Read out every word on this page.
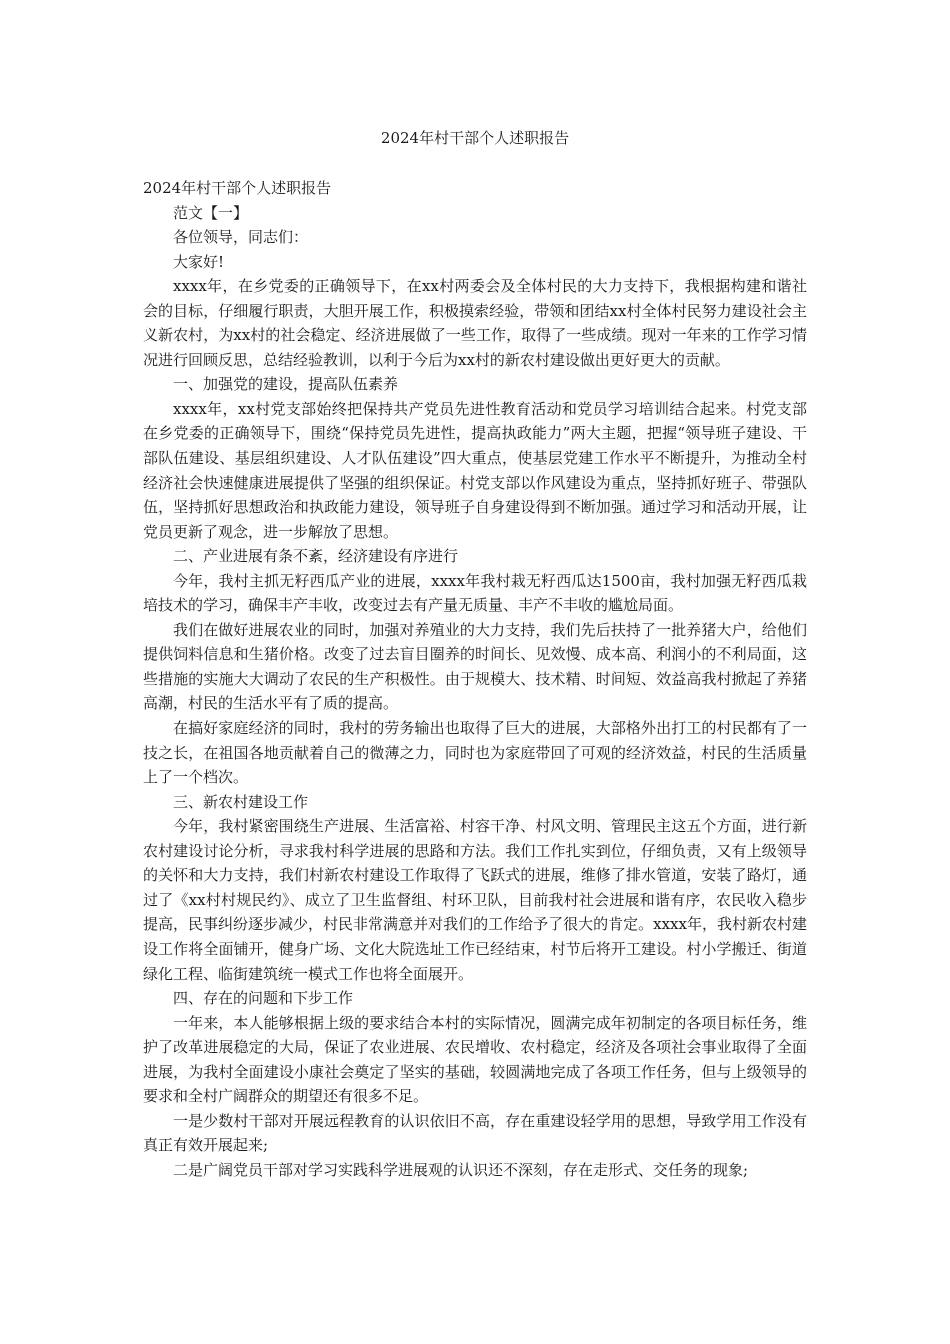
2024年村干部个人述职报告

2024年村干部个人述职报告

范文【一】

各位领导，同志们：

大家好!

xxxx年，在乡党委的正确领导下，在xx村两委会及全体村民的大力支持下，我根据构建和谐社会的目标，仔细履行职责，大胆开展工作，积极摸索经验，带领和团结xx村全体村民努力建设社会主义新农村，为xx村的社会稳定、经济进展做了一些工作，取得了一些成绩。现对一年来的工作学习情况进行回顾反思，总结经验教训，以利于今后为xx村的新农村建设做出更好更大的贡献。

一、加强党的建设，提高队伍素养

xxxx年，xx村党支部始终把保持共产党员先进性教育活动和党员学习培训结合起来。村党支部在乡党委的正确领导下，围绕“保持党员先进性，提高执政能力”两大主题，把握“领导班子建设、干部队伍建设、基层组织建设、人才队伍建设”四大重点，使基层党建工作水平不断提升，为推动全村经济社会快速健康进展提供了坚强的组织保证。村党支部以作风建设为重点，坚持抓好班子、带强队伍，坚持抓好思想政治和执政能力建设，领导班子自身建设得到不断加强。通过学习和活动开展，让党员更新了观念，进一步解放了思想。

二、产业进展有条不紊，经济建设有序进行

今年，我村主抓无籽西瓜产业的进展，xxxx年我村栽无籽西瓜达1500亩，我村加强无籽西瓜栽培技术的学习，确保丰产丰收，改变过去有产量无质量、丰产不丰收的尴尬局面。

我们在做好进展农业的同时，加强对养殖业的大力支持，我们先后扶持了一批养猪大户，给他们提供饲料信息和生猪价格。改变了过去盲目圈养的时间长、见效慢、成本高、利润小的不利局面，这些措施的实施大大调动了农民的生产积极性。由于规模大、技术精、时间短、效益高我村掀起了养猪高潮，村民的生活水平有了质的提高。

在搞好家庭经济的同时，我村的劳务输出也取得了巨大的进展，大部格外出打工的村民都有了一技之长，在祖国各地贡献着自己的微薄之力，同时也为家庭带回了可观的经济效益，村民的生活质量上了一个档次。

三、新农村建设工作

今年，我村紧密围绕生产进展、生活富裕、村容干净、村风文明、管理民主这五个方面，进行新农村建设讨论分析，寻求我村科学进展的思路和方法。我们工作扎实到位，仔细负责，又有上级领导的关怀和大力支持，我们村新农村建设工作取得了飞跃式的进展，维修了排水管道，安装了路灯，通过了《xx村村规民约》、成立了卫生监督组、村环卫队，目前我村社会进展和谐有序，农民收入稳步提高，民事纠纷逐步减少，村民非常满意并对我们的工作给予了很大的肯定。xxxx年，我村新农村建设工作将全面铺开，健身广场、文化大院选址工作已经结束，村节后将开工建设。村小学搬迁、街道绿化工程、临街建筑统一模式工作也将全面展开。

四、存在的问题和下步工作

一年来，本人能够根据上级的要求结合本村的实际情况，圆满完成年初制定的各项目标任务，维护了改革进展稳定的大局，保证了农业进展、农民增收、农村稳定，经济及各项社会事业取得了全面进展，为我村全面建设小康社会奠定了坚实的基础，较圆满地完成了各项工作任务，但与上级领导的要求和全村广阔群众的期望还有很多不足。

一是少数村干部对开展远程教育的认识依旧不高，存在重建设轻学用的思想，导致学用工作没有真正有效开展起来;

二是广阔党员干部对学习实践科学进展观的认识还不深刻，存在走形式、交任务的现象;
